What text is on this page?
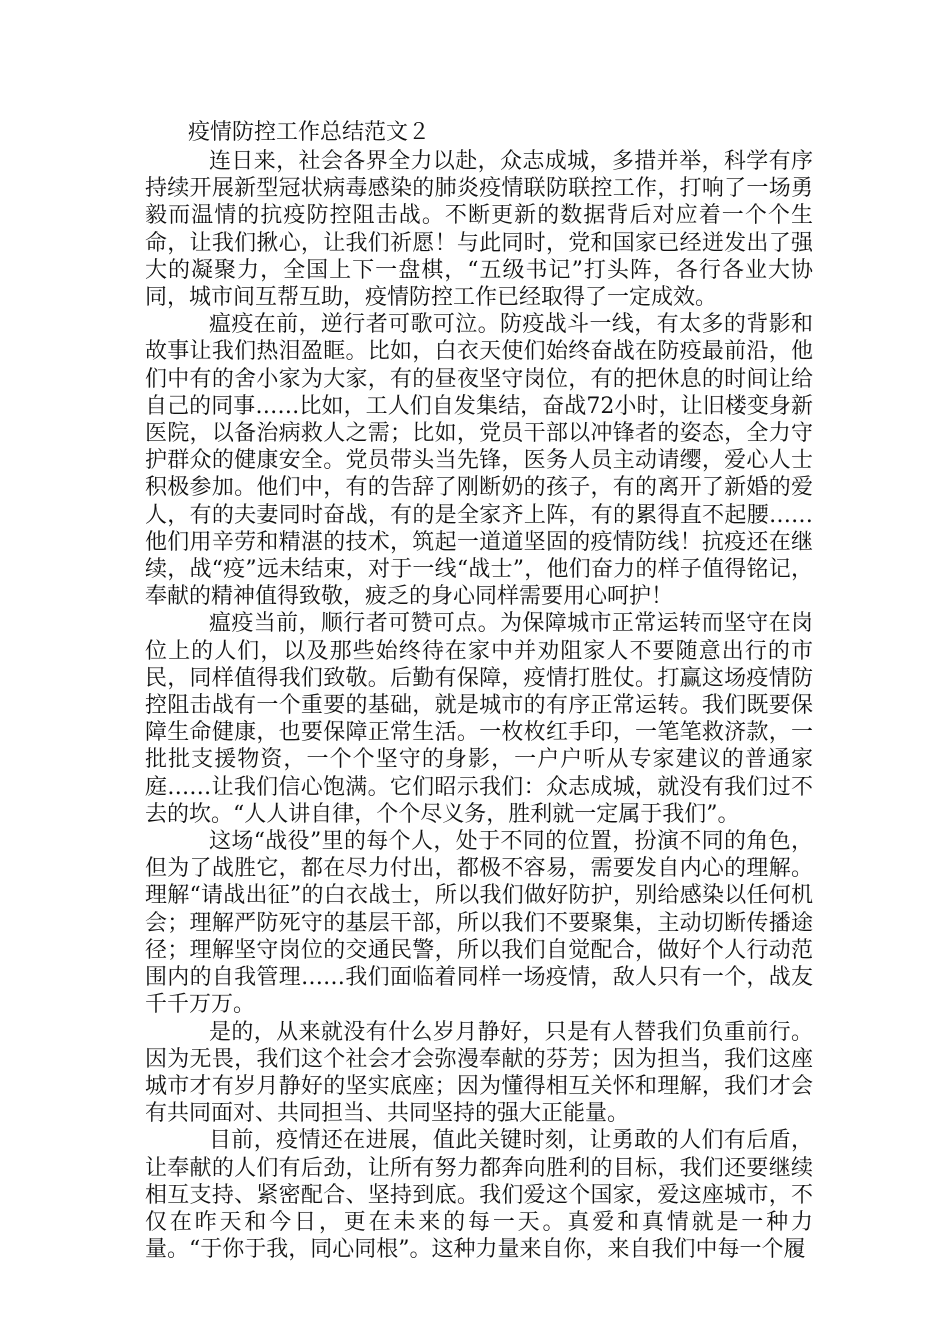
疫情防控工作总结范文２

连日来，社会各界全力以赴，众志成城，多措并举，科学有序持续开展新型冠状病毒感染的肺炎疫情联防联控工作，打响了一场勇毅而温情的抗疫防控阻击战。不断更新的数据背后对应着一个个生命，让我们揪心，让我们祈愿！与此同时，党和国家已经迸发出了强大的凝聚力，全国上下一盘棋，“五级书记”打头阵，各行各业大协同，城市间互帮互助，疫情防控工作已经取得了一定成效。

瘟疫在前，逆行者可歌可泣。防疫战斗一线，有太多的背影和故事让我们热泪盈眶。比如，白衣天使们始终奋战在防疫最前沿，他们中有的舍小家为大家，有的昼夜坚守岗位，有的把休息的时间让给自己的同事……比如，工人们自发集结，奋战72小时，让旧楼变身新医院，以备治病救人之需；比如，党员干部以冲锋者的姿态，全力守护群众的健康安全。党员带头当先锋，医务人员主动请缨，爱心人士积极参加。他们中，有的告辞了刚断奶的孩子，有的离开了新婚的爱人，有的夫妻同时奋战，有的是全家齐上阵，有的累得直不起腰……他们用辛劳和精湛的技术，筑起一道道坚固的疫情防线！抗疫还在继续，战“疫”远未结束，对于一线“战士”，他们奋力的样子值得铭记，奉献的精神值得致敬，疲乏的身心同样需要用心呵护！

瘟疫当前，顺行者可赞可点。为保障城市正常运转而坚守在岗位上的人们，以及那些始终待在家中并劝阻家人不要随意出行的市民，同样值得我们致敬。后勤有保障，疫情打胜仗。打赢这场疫情防控阻击战有一个重要的基础，就是城市的有序正常运转。我们既要保障生命健康，也要保障正常生活。一枚枚红手印，一笔笔救济款，一批批支援物资，一个个坚守的身影，一户户听从专家建议的普通家庭……让我们信心饱满。它们昭示我们：众志成城，就没有我们过不去的坎。“人人讲自律，个个尽义务，胜利就一定属于我们”。

这场“战役”里的每个人，处于不同的位置，扮演不同的角色，但为了战胜它，都在尽力付出，都极不容易，需要发自内心的理解。理解“请战出征”的白衣战士，所以我们做好防护，别给感染以任何机会；理解严防死守的基层干部，所以我们不要聚集，主动切断传播途径；理解坚守岗位的交通民警，所以我们自觉配合，做好个人行动范围内的自我管理……我们面临着同样一场疫情，敌人只有一个，战友千千万万。

是的，从来就没有什么岁月静好，只是有人替我们负重前行。因为无畏，我们这个社会才会弥漫奉献的芬芳；因为担当，我们这座城市才有岁月静好的坚实底座；因为懂得相互关怀和理解，我们才会有共同面对、共同担当、共同坚持的强大正能量。

目前，疫情还在进展，值此关键时刻，让勇敢的人们有后盾，让奉献的人们有后劲，让所有努力都奔向胜利的目标，我们还要继续相互支持、紧密配合、坚持到底。我们爱这个国家，爱这座城市，不仅在昨天和今日，更在未来的每一天。真爱和真情就是一种力量。“于你于我，同心同根”。这种力量来自你，来自我们中每一个履
